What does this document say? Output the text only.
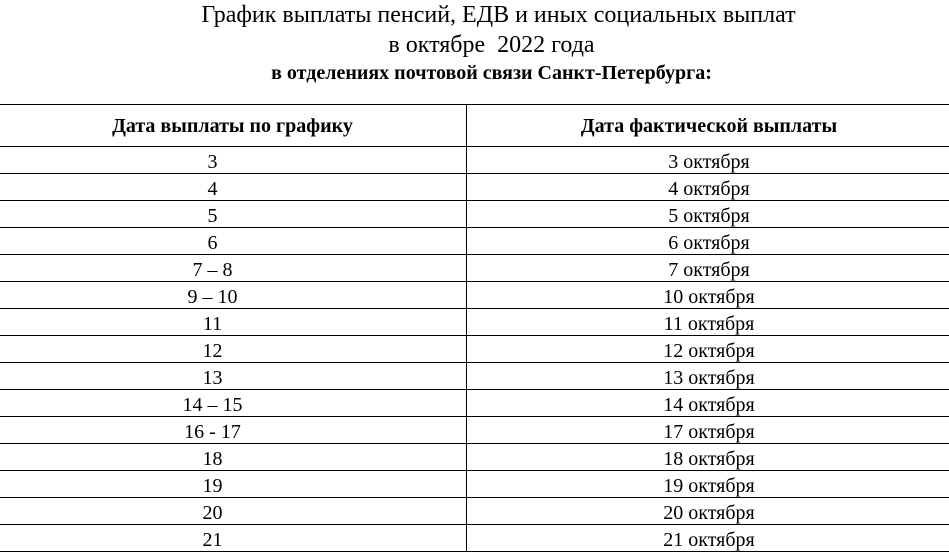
График выплаты пенсий, ЕДВ и иных социальных выплат
в октябре  2022 года
в отделениях почтовой связи Санкт-Петербурга:
Дата выплаты по графику	Дата фактической выплаты
3	3 октября
4	4 октября
5	5 октября
6	6 октября
7 – 8	7 октября
9 – 10	10 октября
11	11 октября
12	12 октября
13	13 октября
14 – 15	14 октября
16 - 17	17 октября
18	18 октября
19	19 октября
20	20 октября
21	21 октября
